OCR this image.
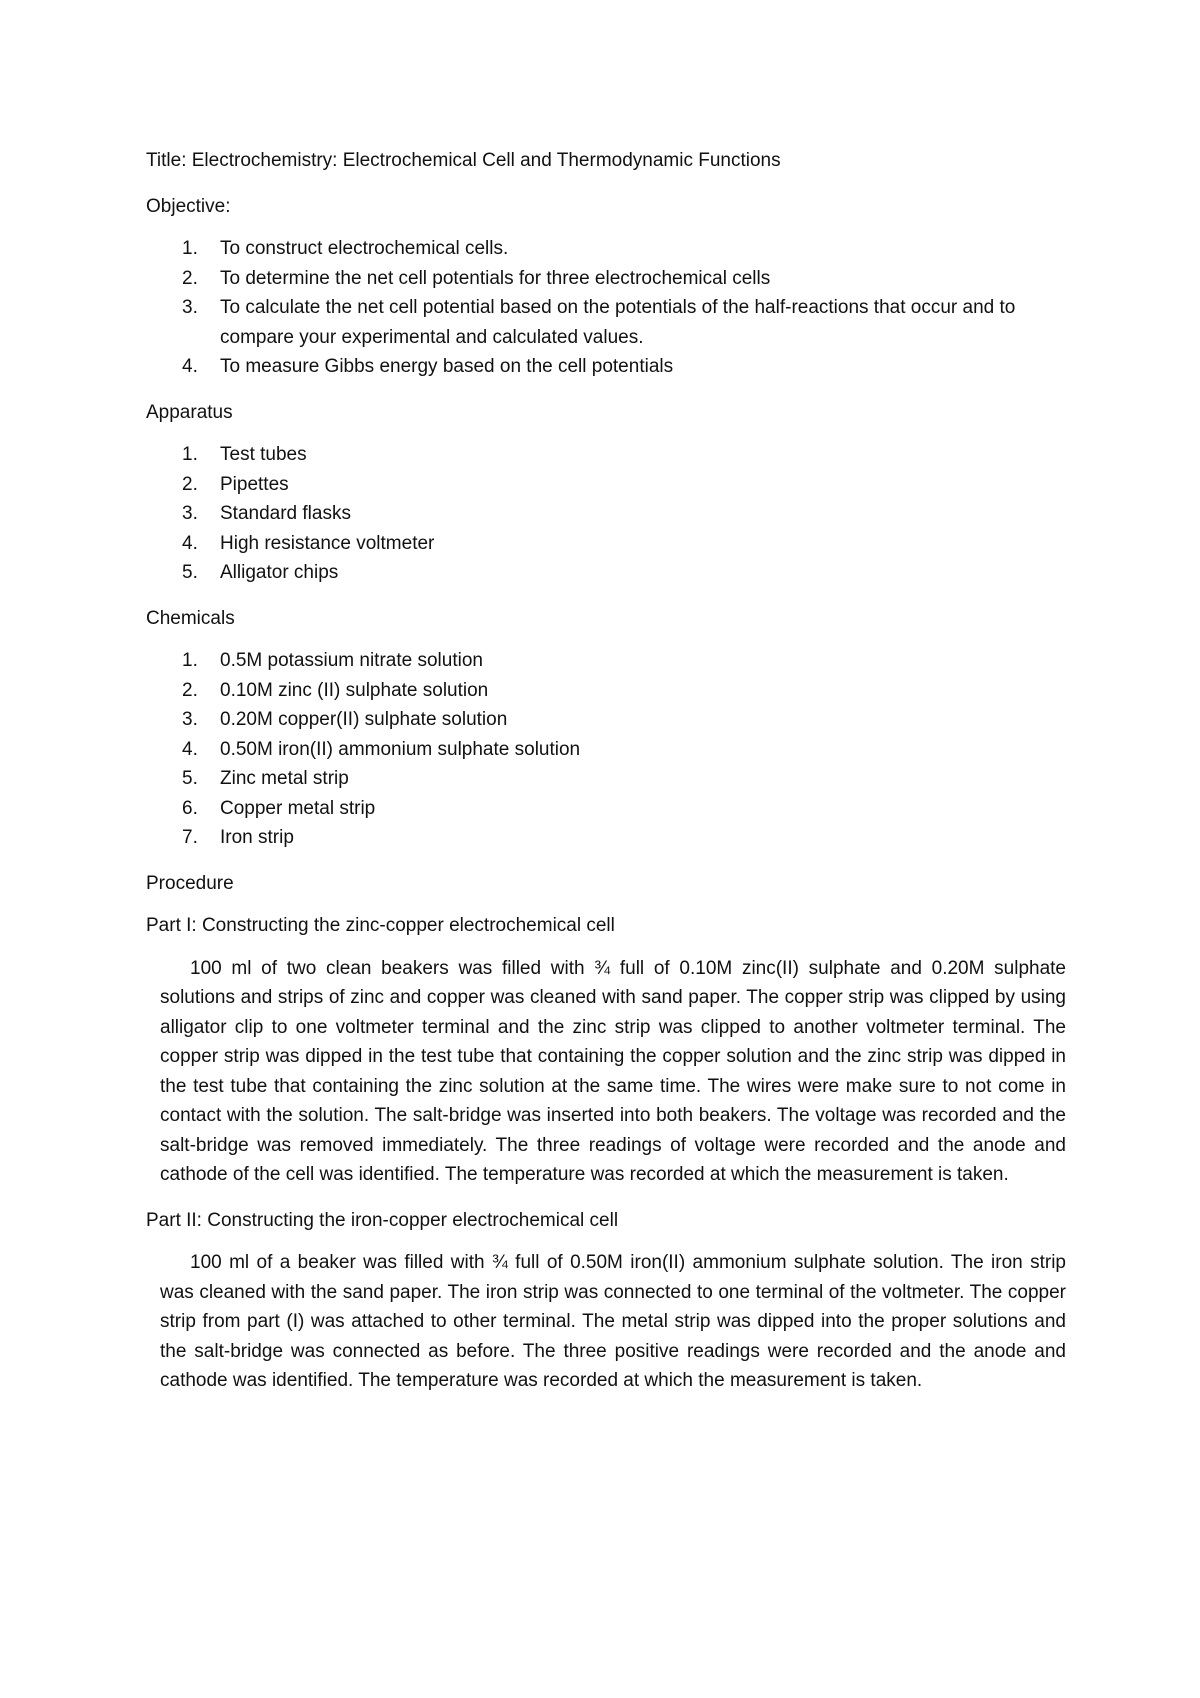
Title: Electrochemistry: Electrochemical Cell and Thermodynamic Functions

Objective:

1. To construct electrochemical cells.
2. To determine the net cell potentials for three electrochemical cells
3. To calculate the net cell potential based on the potentials of the half-reactions that occur and to compare your experimental and calculated values.
4. To measure Gibbs energy based on the cell potentials

Apparatus

1. Test tubes
2. Pipettes
3. Standard flasks
4. High resistance voltmeter
5. Alligator chips

Chemicals

1. 0.5M potassium nitrate solution
2. 0.10M zinc (II) sulphate solution
3. 0.20M copper(II) sulphate solution
4. 0.50M iron(II) ammonium sulphate solution
5. Zinc metal strip
6. Copper metal strip
7. Iron strip

Procedure

Part I: Constructing the zinc-copper electrochemical cell

100 ml of two clean beakers was filled with ¾ full of 0.10M zinc(II) sulphate and 0.20M sulphate solutions and strips of zinc and copper was cleaned with sand paper. The copper strip was clipped by using alligator clip to one voltmeter terminal and the zinc strip was clipped to another voltmeter terminal. The copper strip was dipped in the test tube that containing the copper solution and the zinc strip was dipped in the test tube that containing the zinc solution at the same time. The wires were make sure to not come in contact with the solution. The salt-bridge was inserted into both beakers. The voltage was recorded and the salt-bridge was removed immediately. The three readings of voltage were recorded and the anode and cathode of the cell was identified. The temperature was recorded at which the measurement is taken.

Part II: Constructing the iron-copper electrochemical cell

100 ml of a beaker was filled with ¾ full of 0.50M iron(II) ammonium sulphate solution. The iron strip was cleaned with the sand paper. The iron strip was connected to one terminal of the voltmeter. The copper strip from part (I) was attached to other terminal. The metal strip was dipped into the proper solutions and the salt-bridge was connected as before. The three positive readings were recorded and the anode and cathode was identified. The temperature was recorded at which the measurement is taken.
